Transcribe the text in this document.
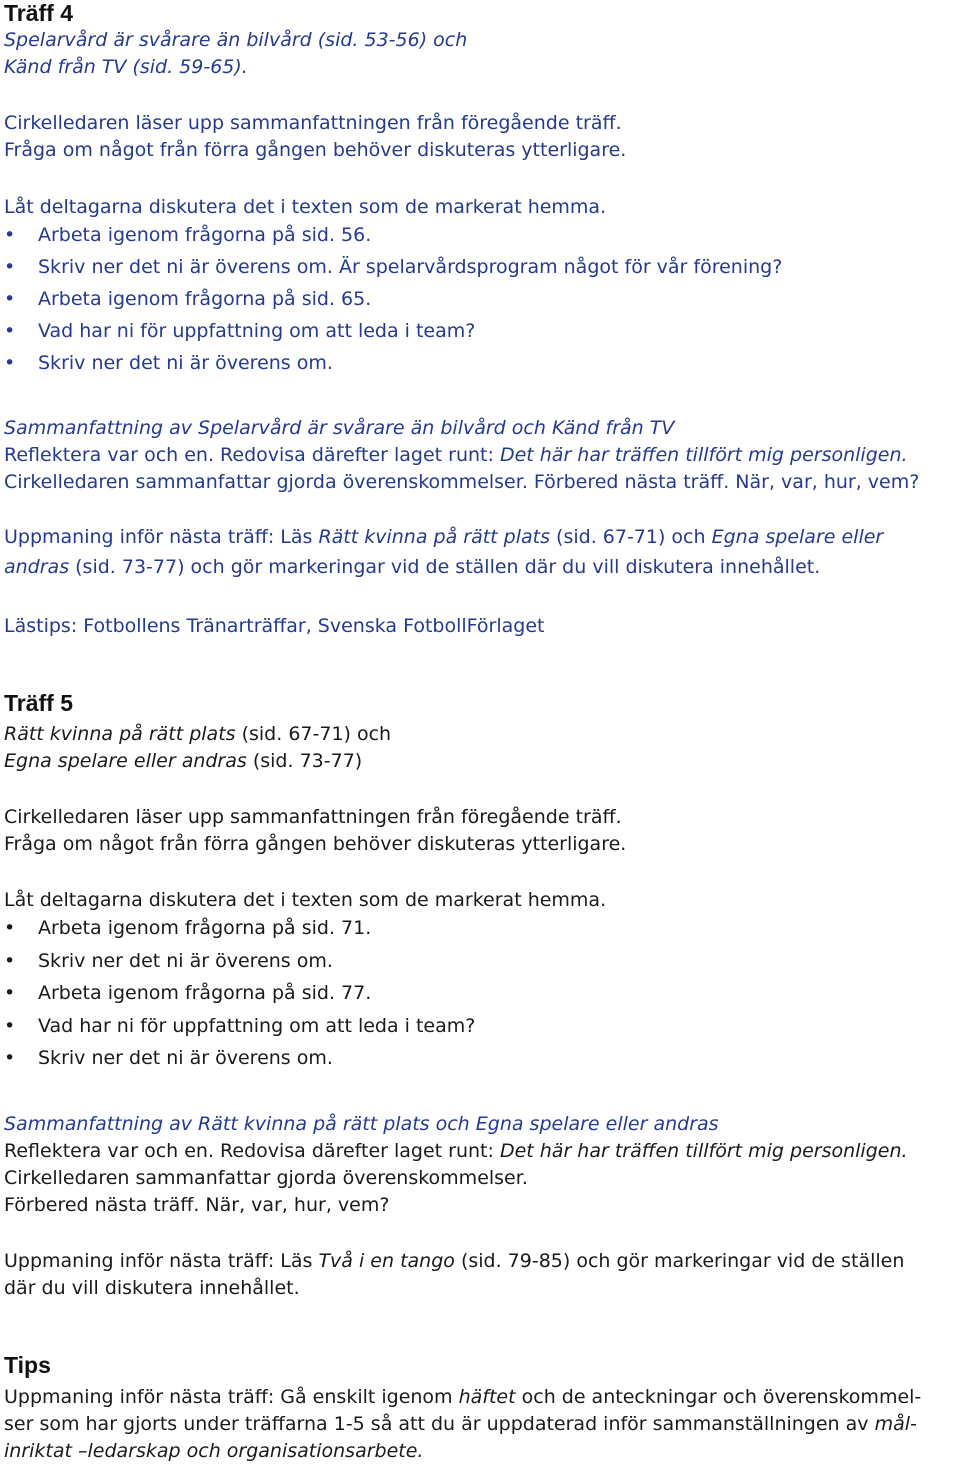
Träff 4

Spelarvård är svårare än bilvård (sid. 53-56) och

Känd från TV (sid. 59-65).

Cirkelledaren läser upp sammanfattningen från föregående träff.

Fråga om något från förra gången behöver diskuteras ytterligare.

Låt deltagarna diskutera det i texten som de markerat hemma.

• Arbeta igenom frågorna på sid. 56.

• Skriv ner det ni är överens om. Är spelarvårdsprogram något för vår förening?

• Arbeta igenom frågorna på sid. 65.

• Vad har ni för uppfattning om att leda i team?

• Skriv ner det ni är överens om.

Sammanfattning av Spelarvård är svårare än bilvård och Känd från TV

Reflektera var och en. Redovisa därefter laget runt: Det här har träffen tillfört mig personligen.

Cirkelledaren sammanfattar gjorda överenskommelser. Förbered nästa träff. När, var, hur, vem?

Uppmaning inför nästa träff: Läs Rätt kvinna på rätt plats (sid. 67-71) och Egna spelare eller

andras (sid. 73-77) och gör markeringar vid de ställen där du vill diskutera innehållet.

Lästips: Fotbollens Tränarträffar, Svenska FotbollFörlaget

Träff 5

Rätt kvinna på rätt plats (sid. 67-71) och

Egna spelare eller andras (sid. 73-77)

Cirkelledaren läser upp sammanfattningen från föregående träff.

Fråga om något från förra gången behöver diskuteras ytterligare.

Låt deltagarna diskutera det i texten som de markerat hemma.

• Arbeta igenom frågorna på sid. 71.

• Skriv ner det ni är överens om.

• Arbeta igenom frågorna på sid. 77.

• Vad har ni för uppfattning om att leda i team?

• Skriv ner det ni är överens om.

Sammanfattning av Rätt kvinna på rätt plats och Egna spelare eller andras

Reflektera var och en. Redovisa därefter laget runt: Det här har träffen tillfört mig personligen.

Cirkelledaren sammanfattar gjorda överenskommelser.

Förbered nästa träff. När, var, hur, vem?

Uppmaning inför nästa träff: Läs Två i en tango (sid. 79-85) och gör markeringar vid de ställen

där du vill diskutera innehållet.

Tips

Uppmaning inför nästa träff: Gå enskilt igenom häftet och de anteckningar och överenskommel-

ser som har gjorts under träffarna 1-5 så att du är uppdaterad inför sammanställningen av mål-

inriktat –ledarskap och organisationsarbete.
